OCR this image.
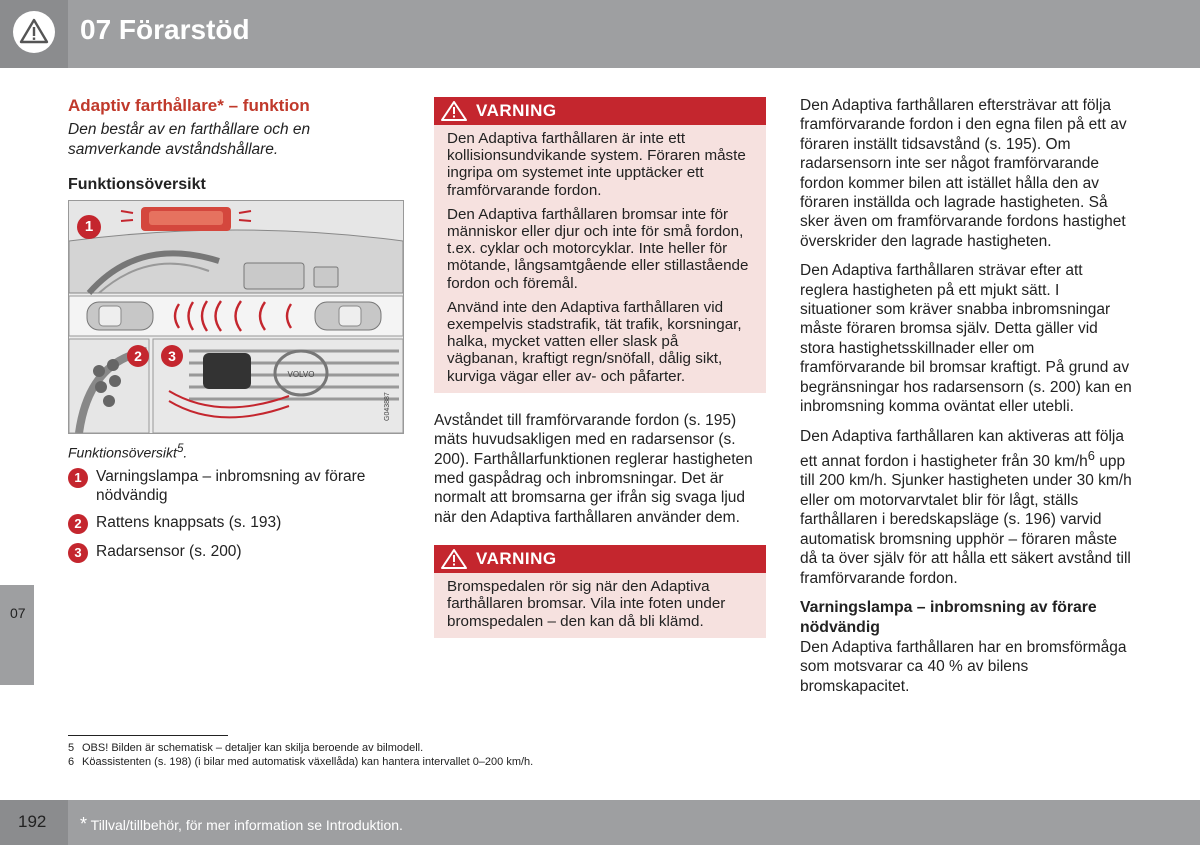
07 Förarstöd
07
Adaptiv farthållare* – funktion

Den består av en farthållare och en samverkande avståndshållare.

Funktionsöversikt
VOLVO
G043887
1
2	3
Funktionsöversikt$^5$.
1 Varningslampa – inbromsning av förare nödvändig
2 Rattens knappsats (s. 193)
3 Radarsensor (s. 200)
VARNING

Den Adaptiva farthållaren är inte ett kollisionsundvikande system. Föraren måste ingripa om systemet inte upptäcker ett framförvarande fordon.

Den Adaptiva farthållaren bromsar inte för människor eller djur och inte för små fordon, t.ex. cyklar och motorcyklar. Inte heller för mötande, långsamtgående eller stillastående fordon och föremål.

Använd inte den Adaptiva farthållaren vid exempelvis stadstrafik, tät trafik, korsningar, halka, mycket vatten eller slask på vägbanan, kraftigt regn/snöfall, dålig sikt, kurviga vägar eller av- och påfarter.

Avståndet till framförvarande fordon (s. 195) mäts huvudsakligen med en radarsensor (s. 200). Farthållarfunktionen reglerar hastigheten med gaspådrag och inbromsningar. Det är normalt att bromsarna ger ifrån sig svaga ljud när den Adaptiva farthållaren använder dem.

VARNING

Bromspedalen rör sig när den Adaptiva farthållaren bromsar. Vila inte foten under bromspedalen – den kan då bli klämd.

Den Adaptiva farthållaren eftersträvar att följa framförvarande fordon i den egna filen på ett av föraren inställt tidsavstånd (s. 195). Om radarsensorn inte ser något framförvarande fordon kommer bilen att istället hålla den av föraren inställda och lagrade hastigheten. Så sker även om framförvarande fordons hastighet överskrider den lagrade hastigheten.

Den Adaptiva farthållaren strävar efter att reglera hastigheten på ett mjukt sätt. I situationer som kräver snabba inbromsningar måste föraren bromsa själv. Detta gäller vid stora hastighetsskillnader eller om framförvarande bil bromsar kraftigt. På grund av begränsningar hos radarsensorn (s. 200) kan en inbromsning komma oväntat eller utebli.

Den Adaptiva farthållaren kan aktiveras att följa ett annat fordon i hastigheter från 30 $km/h^6$ upp till 200 km/h. Sjunker hastigheten under 30 km/h eller om motorvarvtalet blir för lågt, ställs farthållaren i beredskapsläge (s. 196) varvid automatisk bromsning upphör – föraren måste då ta över själv för att hålla ett säkert avstånd till framförvarande fordon.

Varningslampa – inbromsning av förare nödvändig

Den Adaptiva farthållaren har en bromsförmåga som motsvarar ca 40 % av bilens bromskapacitet.

5 OBS! Bilden är schematisk – detaljer kan skilja beroende av bilmodell.
6 Köassistenten (s. 198) (i bilar med automatisk växellåda) kan hantera intervallet 0–200 km/h.
192 * Tillval/tillbehör, för mer information se Introduktion.
